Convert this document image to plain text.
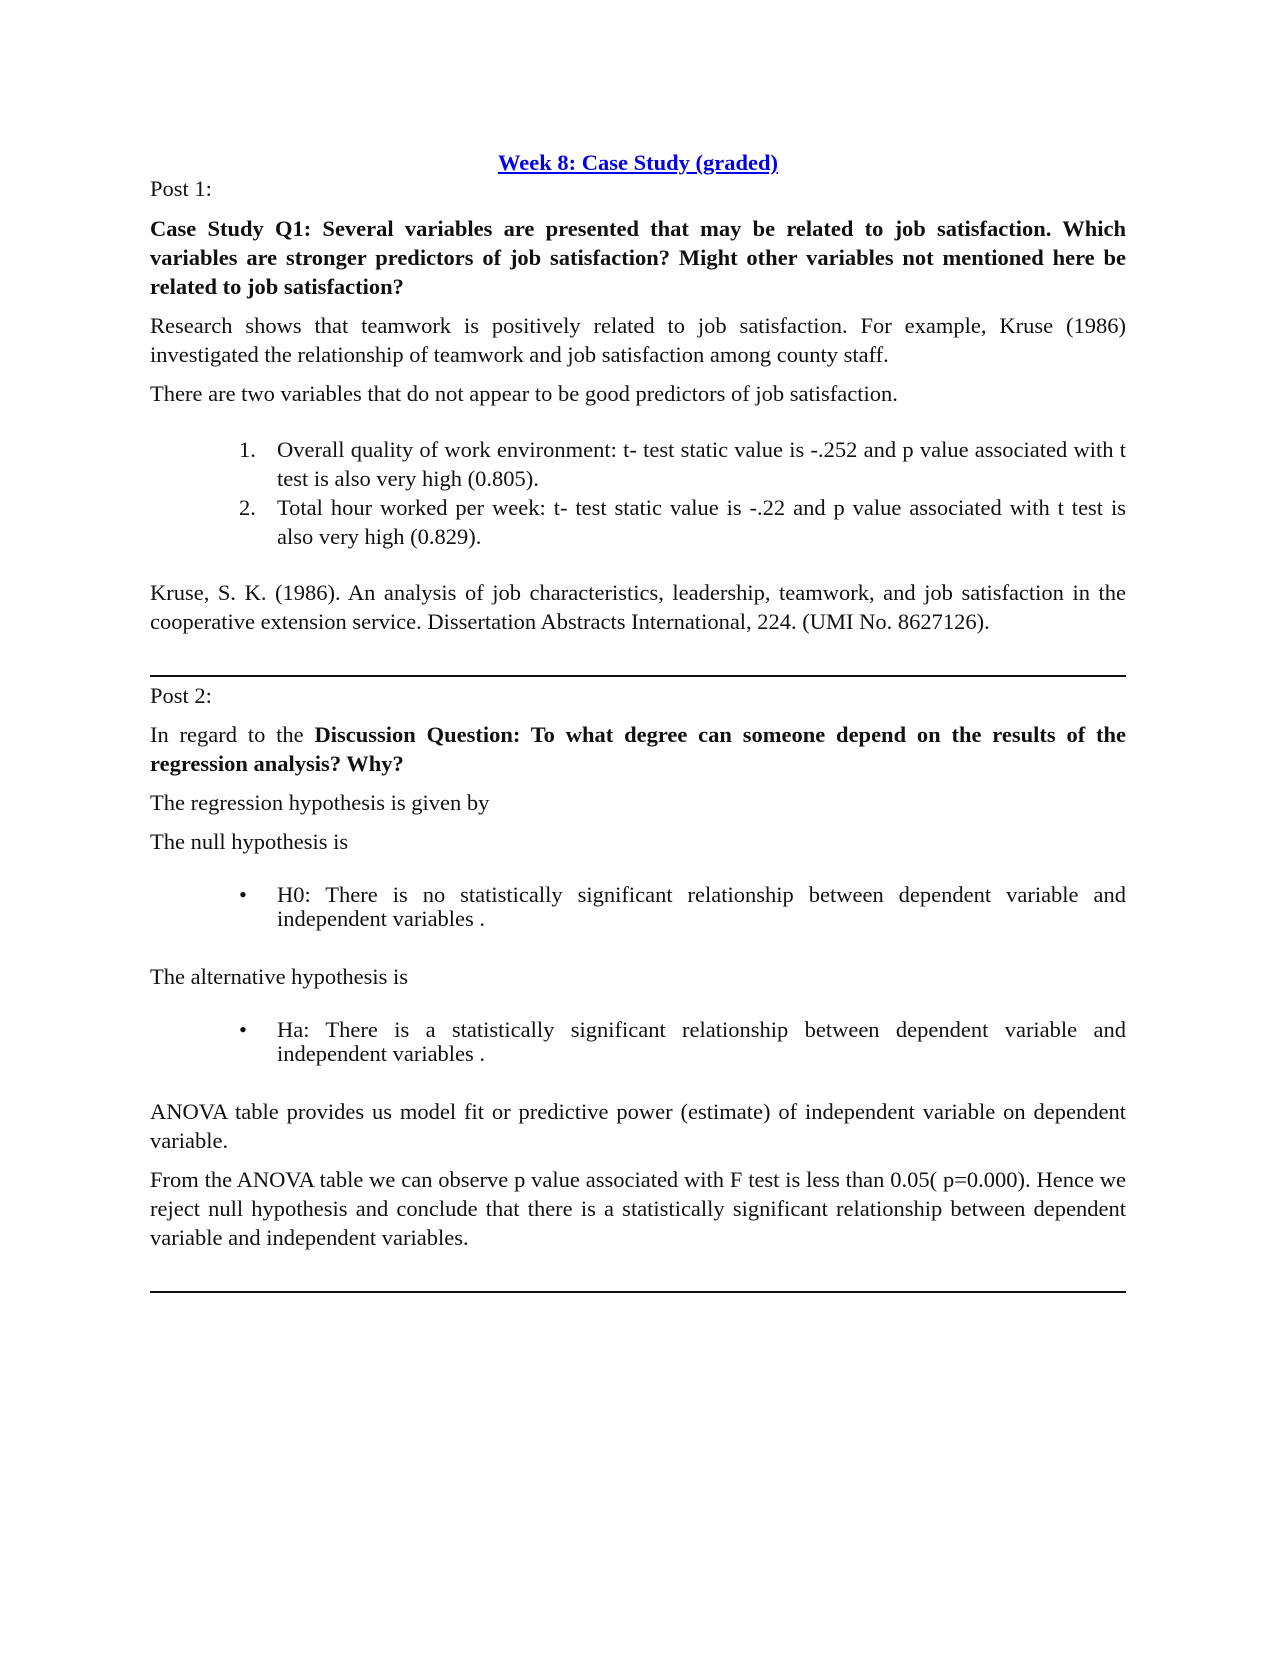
Week 8: Case Study (graded)

Post 1:

Case Study Q1: Several variables are presented that may be related to job satisfaction. Which variables are stronger predictors of job satisfaction? Might other variables not mentioned here be related to job satisfaction?

Research shows that teamwork is positively related to job satisfaction. For example, Kruse (1986) investigated the relationship of teamwork and job satisfaction among county staff.

There are two variables that do not appear to be good predictors of job satisfaction.

1. Overall quality of work environment: t- test static value is -.252 and p value associated with t test is also very high (0.805).
2. Total hour worked per week: t- test static value is -.22 and p value associated with t test is also very high (0.829).

Kruse, S. K. (1986). An analysis of job characteristics, leadership, teamwork, and job satisfaction in the cooperative extension service. Dissertation Abstracts International, 224. (UMI No. 8627126).

Post 2:

In regard to the Discussion Question: To what degree can someone depend on the results of the regression analysis? Why?

The regression hypothesis is given by

The null hypothesis is

• H0: There is no statistically significant relationship between dependent variable and independent variables .

The alternative hypothesis is

• Ha: There is a statistically significant relationship between dependent variable and independent variables .

ANOVA table provides us model fit or predictive power (estimate) of independent variable on dependent variable.

From the ANOVA table we can observe p value associated with F test is less than 0.05( p=0.000). Hence we reject null hypothesis and conclude that there is a statistically significant relationship between dependent variable and independent variables.
